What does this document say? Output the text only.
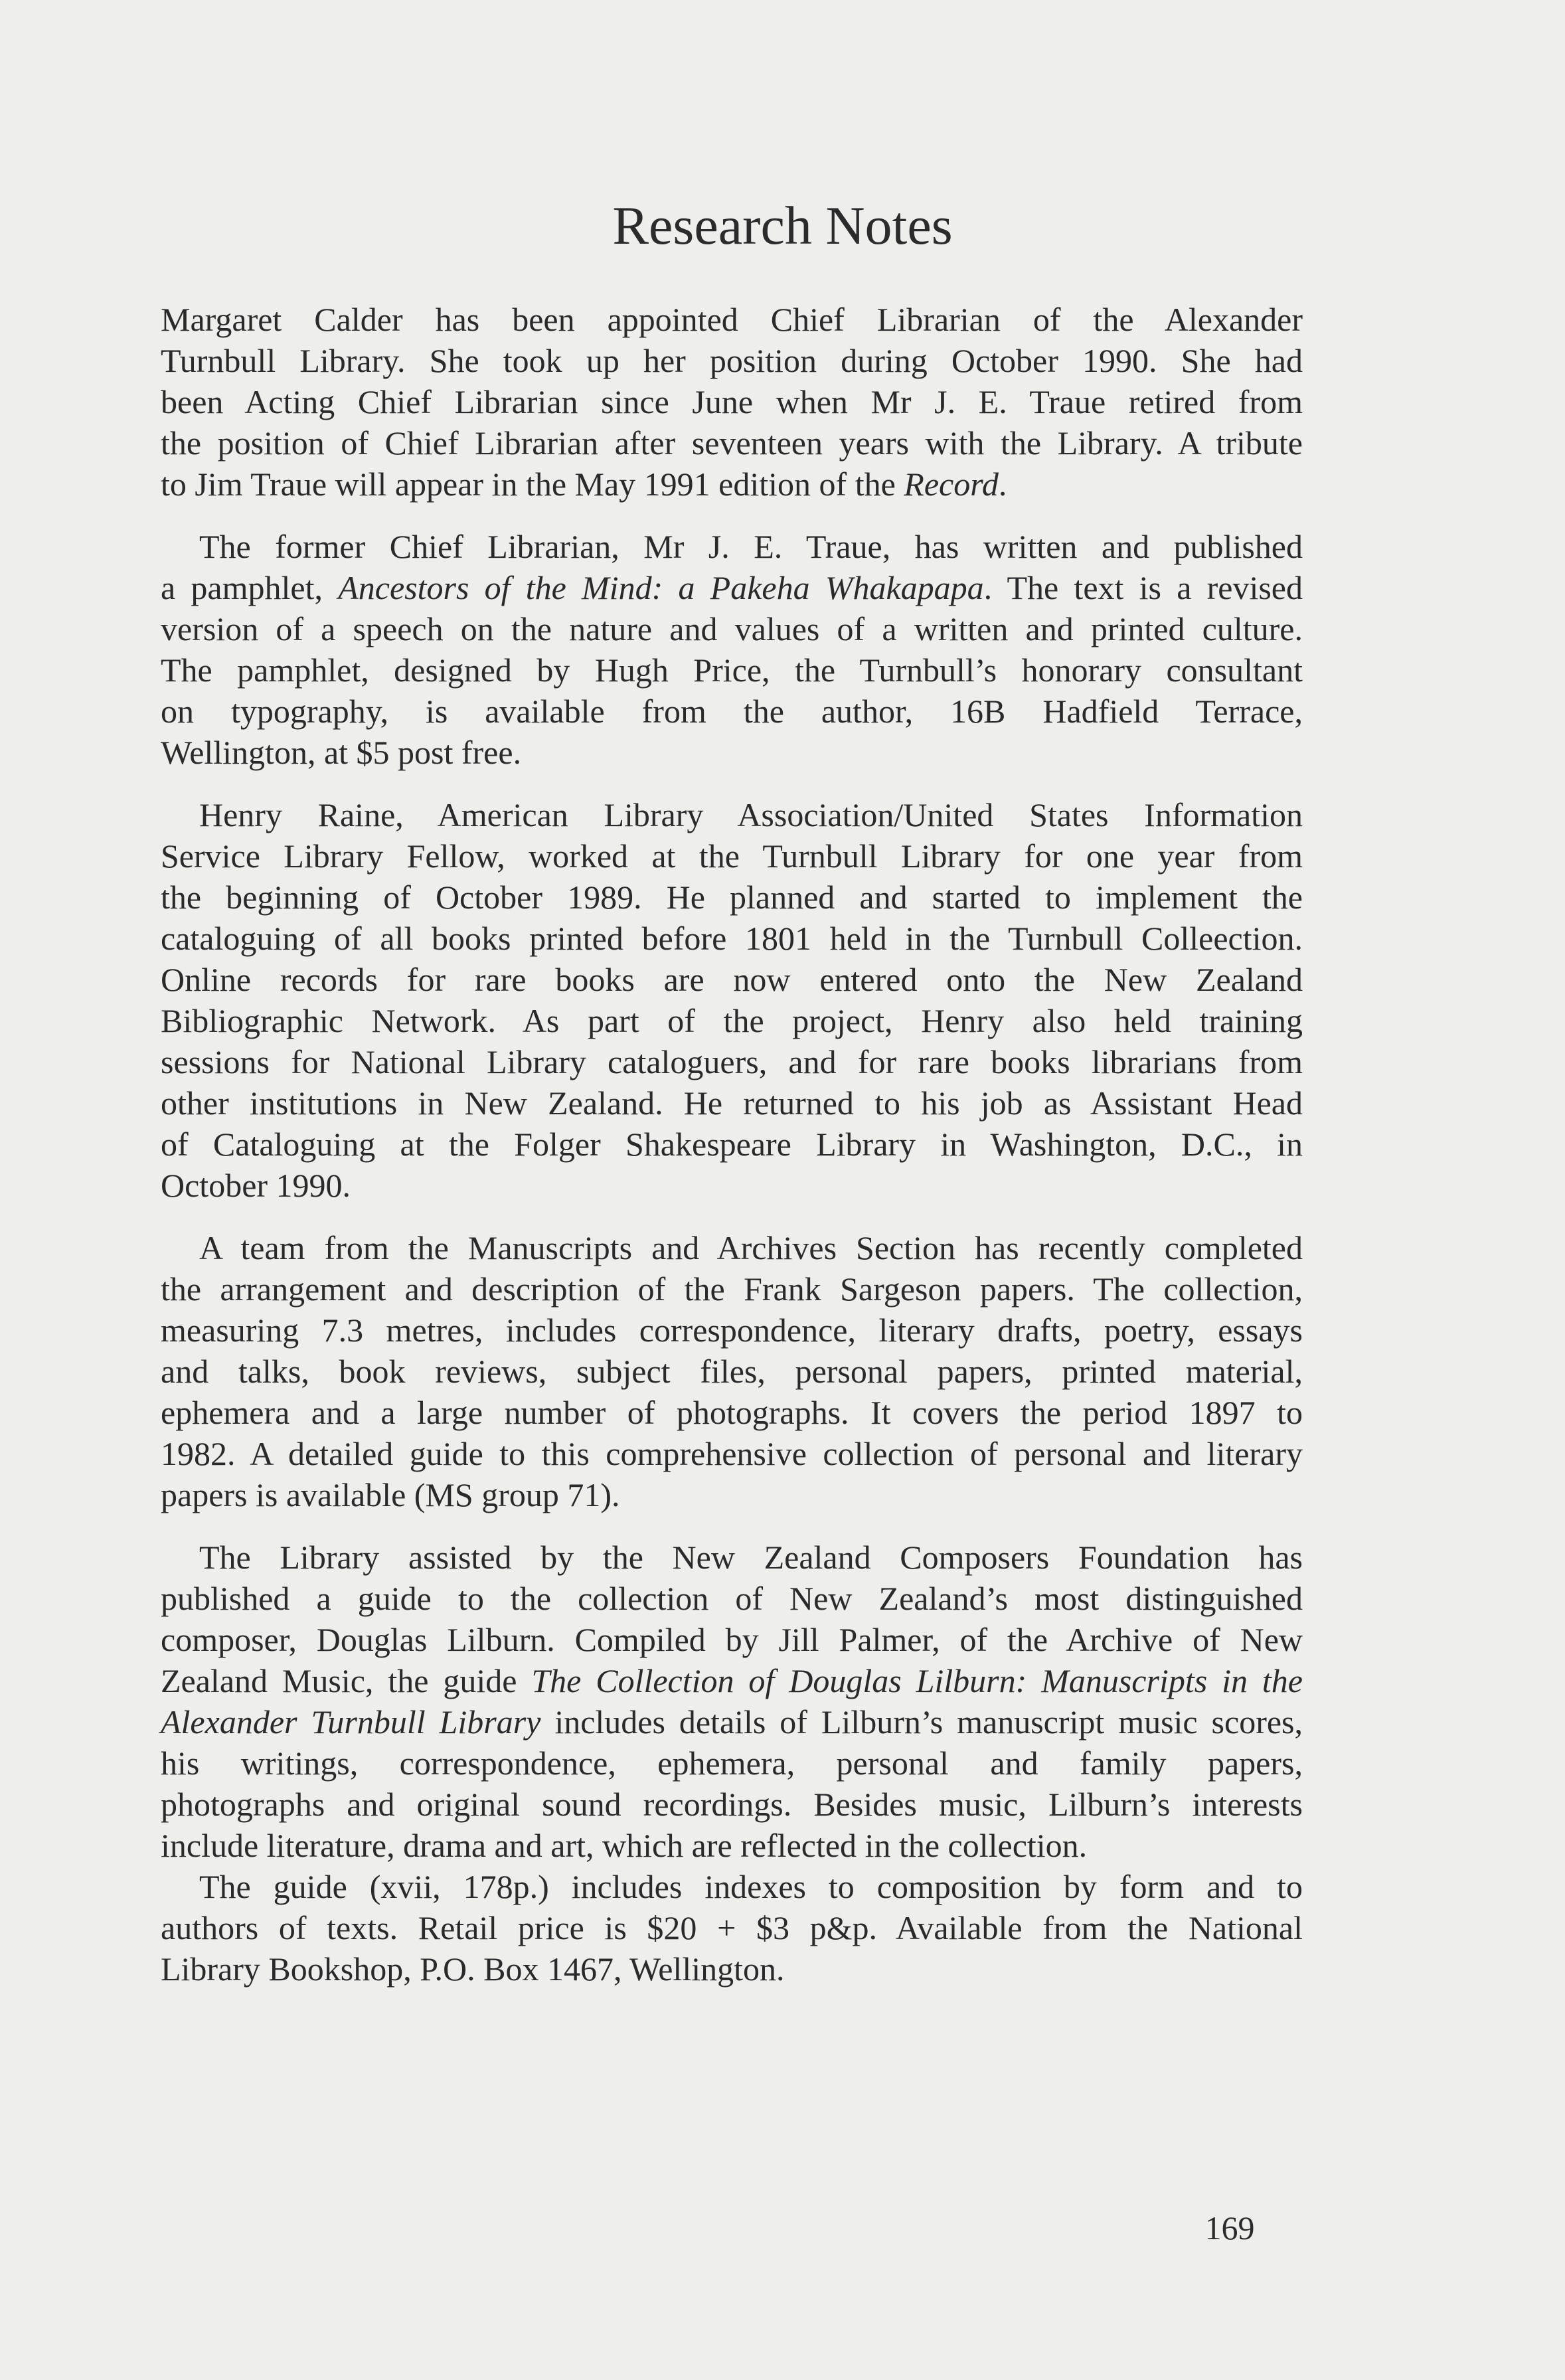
Research Notes
Margaret Calder has been appointed Chief Librarian of the Alexander
Turnbull Library. She took up her position during October 1990. She had
been Acting Chief Librarian since June when Mr J. E. Traue retired from
the position of Chief Librarian after seventeen years with the Library. A tribute
to Jim Traue will appear in the May 1991 edition of the Record.
The former Chief Librarian, Mr J. E. Traue, has written and published
a pamphlet, Ancestors of the Mind: a Pakeha Whakapapa. The text is a revised
version of a speech on the nature and values of a written and printed culture.
The pamphlet, designed by Hugh Price, the Turnbull’s honorary consultant
on typography, is available from the author, 16B Hadfield Terrace,
Wellington, at $5 post free.
Henry Raine, American Library Association/United States Information
Service Library Fellow, worked at the Turnbull Library for one year from
the beginning of October 1989. He planned and started to implement the
cataloguing of all books printed before 1801 held in the Turnbull Colleection.
Online records for rare books are now entered onto the New Zealand
Bibliographic Network. As part of the project, Henry also held training
sessions for National Library cataloguers, and for rare books librarians from
other institutions in New Zealand. He returned to his job as Assistant Head
of Cataloguing at the Folger Shakespeare Library in Washington, D.C., in
October 1990.
A team from the Manuscripts and Archives Section has recently completed
the arrangement and description of the Frank Sargeson papers. The collection,
measuring 7.3 metres, includes correspondence, literary drafts, poetry, essays
and talks, book reviews, subject files, personal papers, printed material,
ephemera and a large number of photographs. It covers the period 1897 to
1982. A detailed guide to this comprehensive collection of personal and literary
papers is available (MS group 71).
The Library assisted by the New Zealand Composers Foundation has
published a guide to the collection of New Zealand’s most distinguished
composer, Douglas Lilburn. Compiled by Jill Palmer, of the Archive of New
Zealand Music, the guide The Collection of Douglas Lilburn: Manuscripts in the
Alexander Turnbull Library includes details of Lilburn’s manuscript music scores,
his writings, correspondence, ephemera, personal and family papers,
photographs and original sound recordings. Besides music, Lilburn’s interests
include literature, drama and art, which are reflected in the collection.
The guide (xvii, 178p.) includes indexes to composition by form and to
authors of texts. Retail price is $20 + $3 p&p. Available from the National
Library Bookshop, P.O. Box 1467, Wellington.
169
